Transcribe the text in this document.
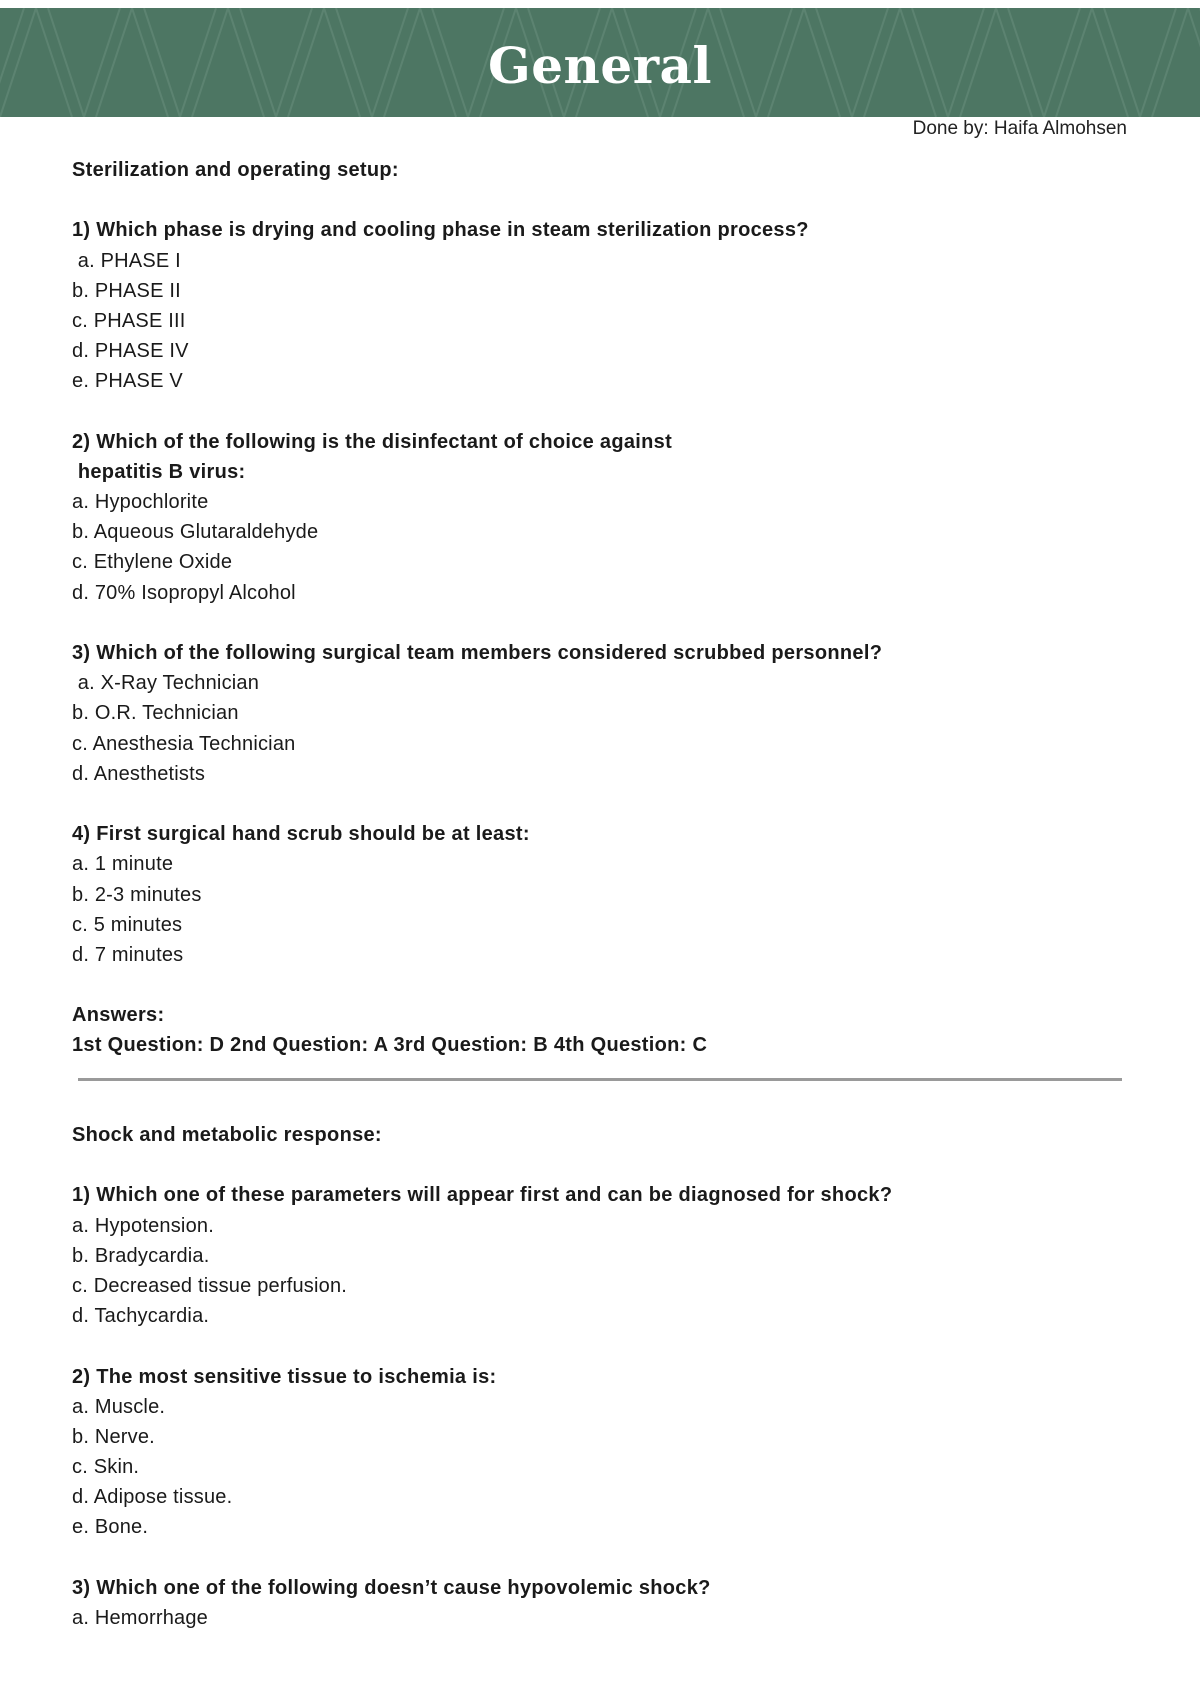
General
Done by: Haifa Almohsen
Sterilization and operating setup:
1) Which phase is drying and cooling phase in steam sterilization process?
a. PHASE I
b. PHASE II
c. PHASE III
d. PHASE IV
e. PHASE V
2) Which of the following is the disinfectant of choice against
hepatitis B virus:
a. Hypochlorite
b. Aqueous Glutaraldehyde
c. Ethylene Oxide
d. 70% Isopropyl Alcohol
3) Which of the following surgical team members considered scrubbed personnel?
a. X-Ray Technician
b. O.R. Technician
c. Anesthesia Technician
d. Anesthetists
4) First surgical hand scrub should be at least:
a. 1 minute
b. 2-3 minutes
c. 5 minutes
d. 7 minutes
Answers:
1st Question: D 2nd Question: A 3rd Question: B 4th Question: C
Shock and metabolic response:
1) Which one of these parameters will appear first and can be diagnosed for shock?
a. Hypotension.
b. Bradycardia.
c. Decreased tissue perfusion.
d. Tachycardia.
2) The most sensitive tissue to ischemia is:
a. Muscle.
b. Nerve.
c. Skin.
d. Adipose tissue.
e. Bone.
3) Which one of the following doesn’t cause hypovolemic shock?
a. Hemorrhage
